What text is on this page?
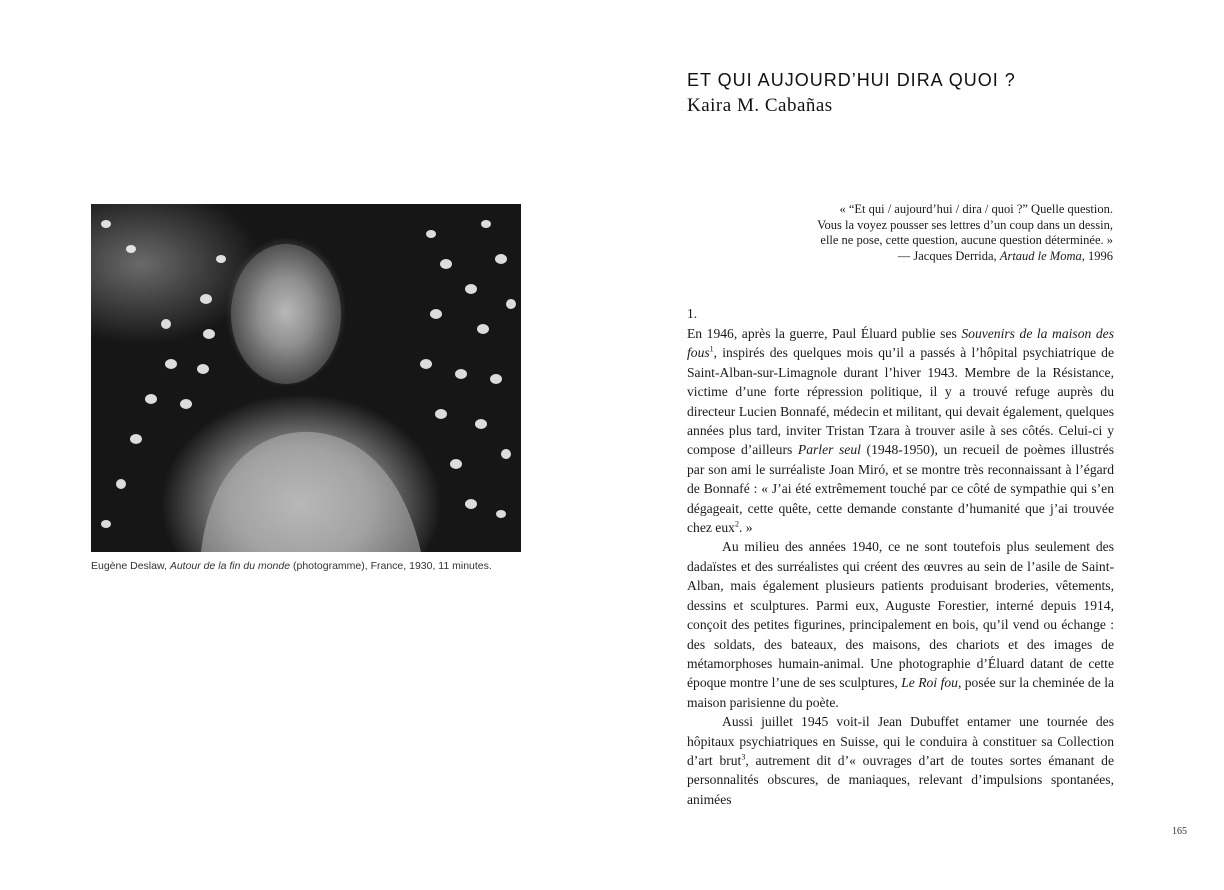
Eugène Deslaw, Autour de la fin du monde (photogramme), France, 1930, 11 minutes.
ET QUI AUJOURD’HUI DIRA QUOI ?
Kaira M. Cabañas
« “Et qui / aujourd’hui / dira / quoi ?” Quelle question.
Vous la voyez pousser ses lettres d’un coup dans un dessin,
elle ne pose, cette question, aucune question déterminée. »
— Jacques Derrida, Artaud le Moma, 1996
1.

En 1946, après la guerre, Paul Éluard publie ses Souvenirs de la maison des fous$^1$, inspirés des quelques mois qu’il a passés à l’hôpital psychiatrique de Saint-Alban-sur-Limagnole durant l’hiver 1943. Membre de la Résistance, victime d’une forte répression politique, il y a trouvé refuge auprès du directeur Lucien Bonnafé, médecin et militant, qui devait également, quelques années plus tard, inviter Tristan Tzara à trouver asile à ses côtés. Celui-ci y compose d’ailleurs Parler seul (1948-1950), un recueil de poèmes illustrés par son ami le surréaliste Joan Miró, et se montre très reconnaissant à l’égard de Bonnafé : « J’ai été extrêmement touché par ce côté de sympathie qui s’en dégageait, cette quête, cette demande constante d’humanité que j’ai trouvée chez eux$^2$. »

Au milieu des années 1940, ce ne sont toutefois plus seulement des dadaïstes et des surréalistes qui créent des œuvres au sein de l’asile de Saint-Alban, mais également plusieurs patients produisant broderies, vêtements, dessins et sculptures. Parmi eux, Auguste Forestier, interné depuis 1914, conçoit des petites figurines, principalement en bois, qu’il vend ou échange : des soldats, des bateaux, des maisons, des chariots et des images de métamorphoses humain-animal. Une photographie d’Éluard datant de cette époque montre l’une de ses sculptures, Le Roi fou, posée sur la cheminée de la maison parisienne du poète.

Aussi juillet 1945 voit-il Jean Dubuffet entamer une tournée des hôpitaux psychiatriques en Suisse, qui le conduira à constituer sa Collection d’art brut$^3$, autrement dit d’« ouvrages d’art de toutes sortes émanant de personnalités obscures, de maniaques, relevant d’impulsions spontanées, animées

165
